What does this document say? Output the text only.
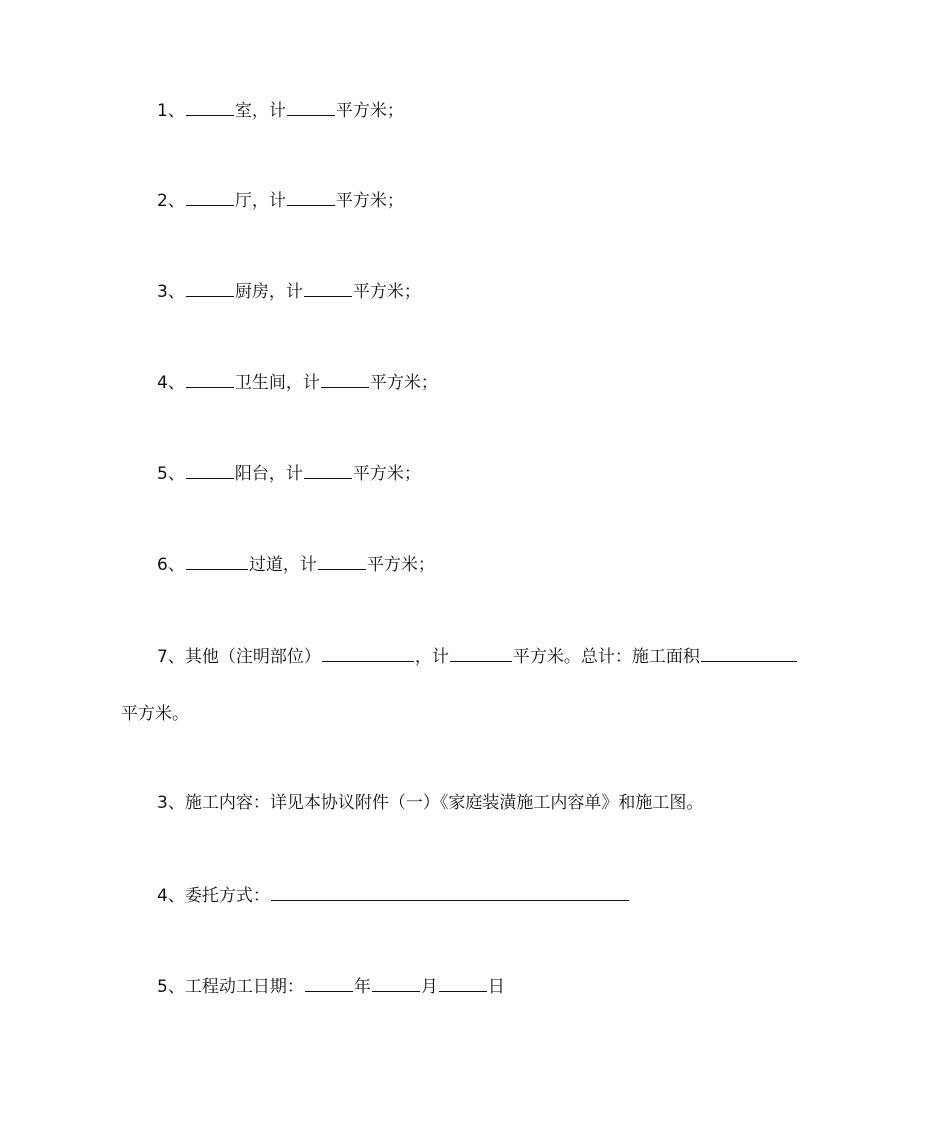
1、	室，计	平方米；
2、	厅，计	平方米；
3、	厨房，计	平方米；
4、	卫生间，计	平方米；
5、	阳台，计	平方米；
6、	过道，计	平方米；
7、其他（注明部位）	，计	平方米。总计：施工面积
平方米。
3、施工内容：详见本协议附件（一）《家庭装潢施工内容单》和施工图。
4、委托方式：
5、工程动工日期：	年	月	日
